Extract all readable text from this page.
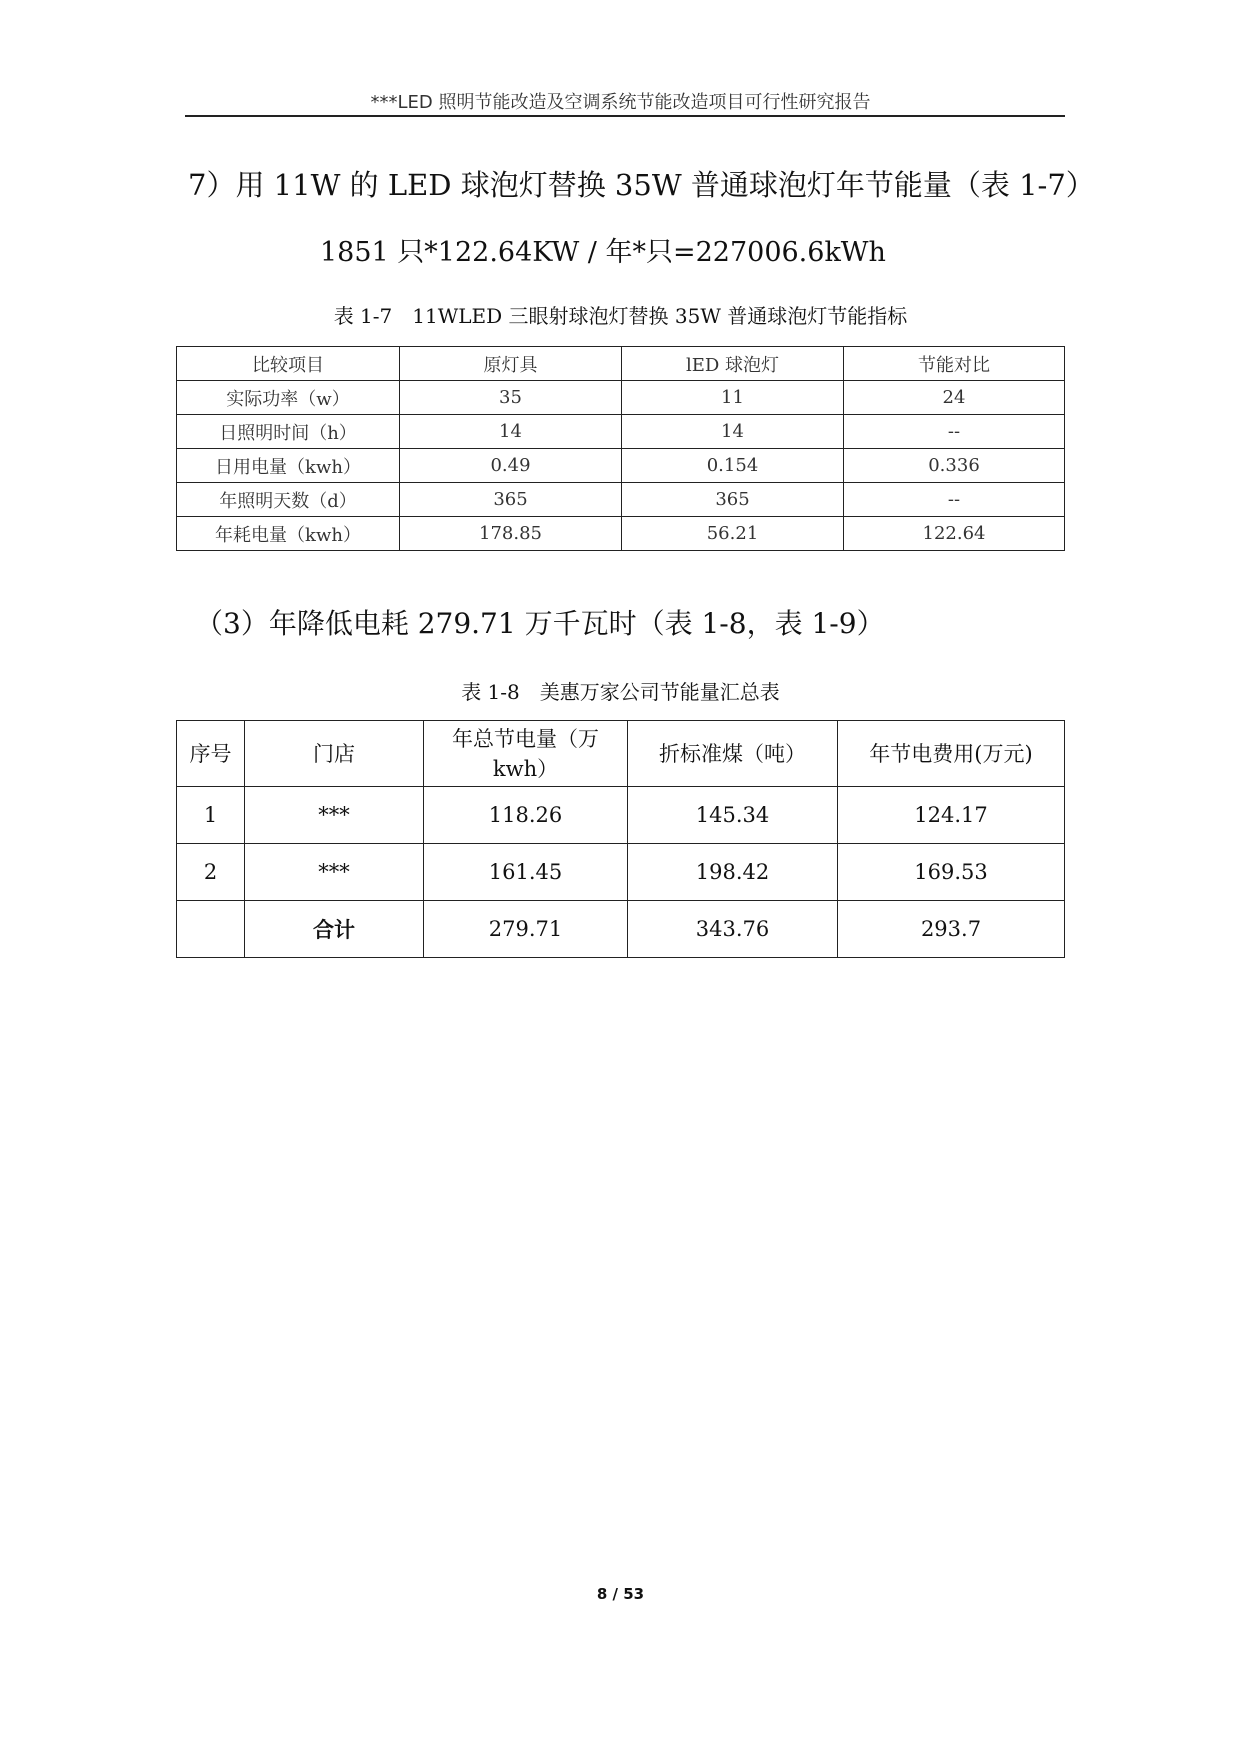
***LED 照明节能改造及空调系统节能改造项目可行性研究报告
7）用 11W 的 LED 球泡灯替换 35W 普通球泡灯年节能量（表 1-7）
1851 只*122.64KW / 年*只=227006.6kWh
表 1-7　11WLED 三眼射球泡灯替换 35W 普通球泡灯节能指标
比较项目	原灯具	lED 球泡灯	节能对比
实际功率（w）	35	11	24
日照明时间（h）	14	14	--
日用电量（kwh）	0.49	0.154	0.336
年照明天数（d）	365	365	--
年耗电量（kwh）	178.85	56.21	122.64
（3）年降低电耗 279.71 万千瓦时（表 1-8，表 1-9）
表 1-8　美惠万家公司节能量汇总表
序号	门店	年总节电量（万kwh）	折标准煤（吨）	年节电费用(万元)
1	***	118.26	145.34	124.17
2	***	161.45	198.42	169.53
	合计	279.71	343.76	293.7
8 / 53
